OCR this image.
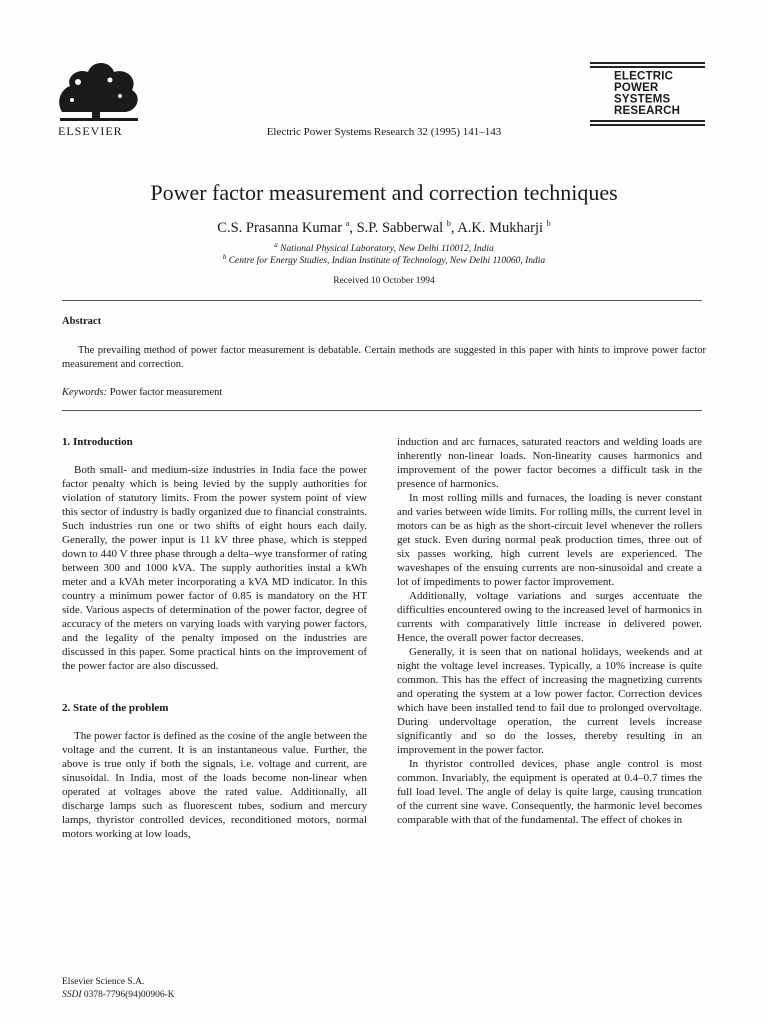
ELSEVIER	Electric Power Systems Research 32 (1995) 141–143
ELECTRIC
POWER
SYSTEMS
RESEARCH
Power factor measurement and correction techniques
C.S. Prasanna Kumar $^a$, S.P. Sabberwal $^b$, A.K. Mukharji $^b$
$^a$ National Physical Laboratory, New Delhi 110012, India
$^b$ Centre for Energy Studies, Indian Institute of Technology, New Delhi 110060, India
Received 10 October 1994
Abstract
The prevailing method of power factor measurement is debatable. Certain methods are suggested in this paper with hints to improve power factor measurement and correction.
Keywords: Power factor measurement

1. Introduction

Both small- and medium-size industries in India face the power factor penalty which is being levied by the supply authorities for violation of statutory limits. From the power system point of view this sector of industry is badly organized due to financial constraints. Such industries run one or two shifts of eight hours each daily. Generally, the power input is 11 kV three phase, which is stepped down to 440 V three phase through a delta–wye transformer of rating between 300 and 1000 kVA. The supply authorities instal a kWh meter and a kVAh meter incorporating a kVA MD indicator. In this country a minimum power factor of 0.85 is mandatory on the HT side. Various aspects of determination of the power factor, degree of accuracy of the meters on varying loads with varying power factors, and the legality of the penalty imposed on the industries are discussed in this paper. Some practical hints on the improvement of the power factor are also discussed.

2. State of the problem

The power factor is defined as the cosine of the angle between the voltage and the current. It is an instantaneous value. Further, the above is true only if both the signals, i.e. voltage and current, are sinusoidal. In India, most of the loads become non-linear when operated at voltages above the rated value. Additionally, all discharge lamps such as fluorescent tubes, sodium and mercury lamps, thyristor controlled devices, reconditioned motors, normal motors working at low loads,

induction and arc furnaces, saturated reactors and welding loads are inherently non-linear loads. Non-linearity causes harmonics and improvement of the power factor becomes a difficult task in the presence of harmonics.

In most rolling mills and furnaces, the loading is never constant and varies between wide limits. For rolling mills, the current level in motors can be as high as the short-circuit level whenever the rollers get stuck. Even during normal peak production times, three out of six passes working, high current levels are experienced. The waveshapes of the ensuing currents are non-sinusoidal and create a lot of impediments to power factor improvement.

Additionally, voltage variations and surges accentuate the difficulties encountered owing to the increased level of harmonics in currents with comparatively little increase in delivered power. Hence, the overall power factor decreases.

Generally, it is seen that on national holidays, weekends and at night the voltage level increases. Typically, a 10% increase is quite common. This has the effect of increasing the magnetizing currents and operating the system at a low power factor. Correction devices which have been installed tend to fail due to prolonged overvoltage. During undervoltage operation, the current levels increase significantly and so do the losses, thereby resulting in an improvement in the power factor.

In thyristor controlled devices, phase angle control is most common. Invariably, the equipment is operated at 0.4–0.7 times the full load level. The angle of delay is quite large, causing truncation of the current sine wave. Consequently, the harmonic level becomes comparable with that of the fundamental. The effect of chokes in

Elsevier Science S.A.
SSDI 0378-7796(94)00906-K
